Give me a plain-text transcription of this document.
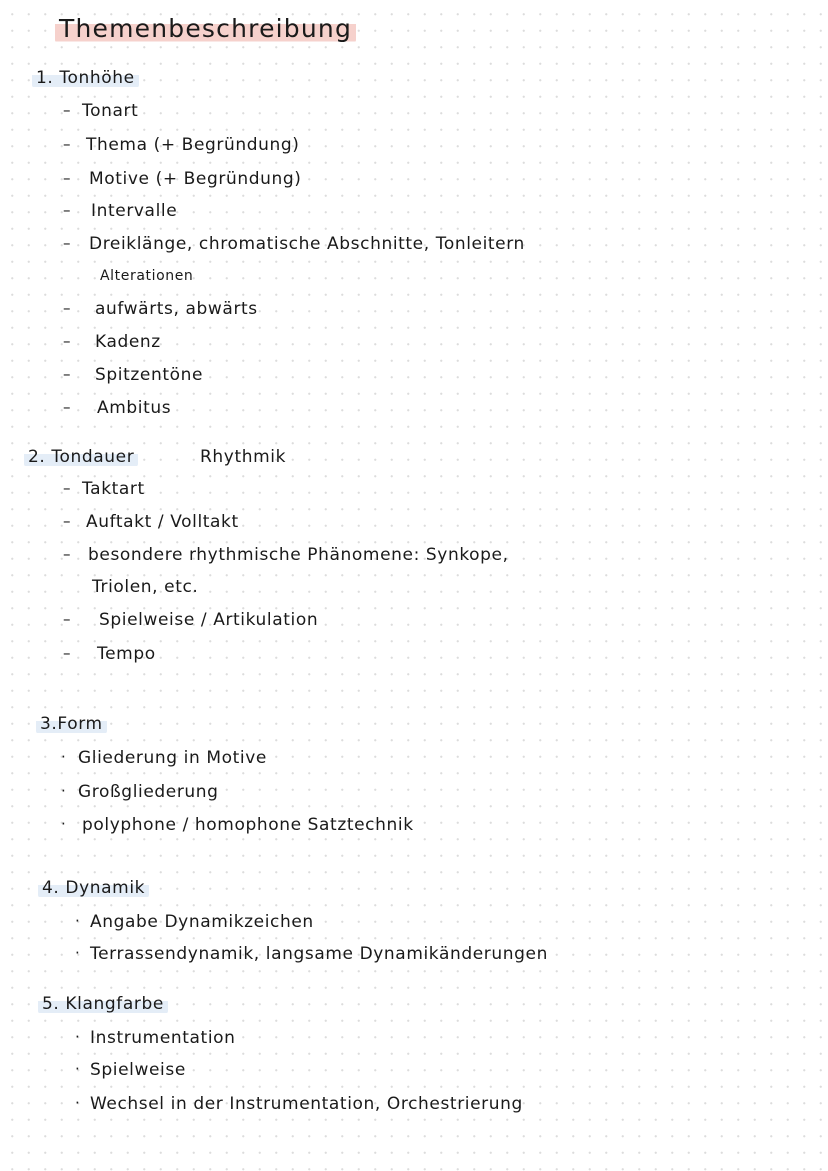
Themenbeschreibung
1. Tonhöhe
– Tonart
– Thema (+ Begründung)
– Motive (+ Begründung)
– Intervalle
– Dreiklänge, chromatische Abschnitte, Tonleitern
Alterationen
– aufwärts, abwärts
– Kadenz
– Spitzentöne
– Ambitus
2. Tondauer	Rhythmik
– Taktart
– Auftakt / Volltakt
– besondere rhythmische Phänomene: Synkope,
Triolen, etc.
– Spielweise / Artikulation
– Tempo
3.Form
· Gliederung in Motive
· Großgliederung
· polyphone / homophone Satztechnik
4. Dynamik
· Angabe Dynamikzeichen
· Terrassendynamik, langsame Dynamikänderungen
5. Klangfarbe
· Instrumentation
· Spielweise
· Wechsel in der Instrumentation, Orchestrierung
